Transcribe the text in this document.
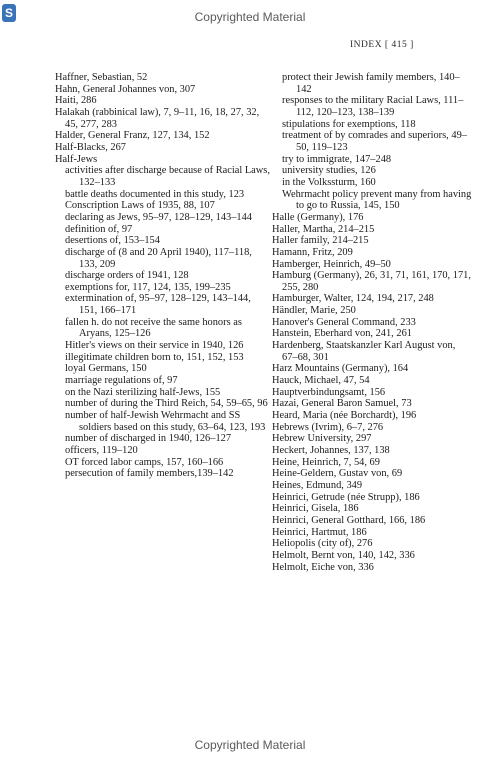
S	Copyrighted Material
INDEX [ 415 ]

Haffner, Sebastian, 52

Hahn, General Johannes von, 307

Haiti, 286

Halakah (rabbinical law), 7, 9–11, 16, 18, 27, 32, 45, 277, 283

Halder, General Franz, 127, 134, 152

Half-Blacks, 267

Half-Jews

activities after discharge because of Racial Laws, 132–133

battle deaths documented in this study, 123

Conscription Laws of 1935, 88, 107

declaring as Jews, 95–97, 128–129, 143–144

definition of, 97

desertions of, 153–154

discharge of (8 and 20 April 1940), 117–118, 133, 209

discharge orders of 1941, 128

exemptions for, 117, 124, 135, 199–235

extermination of, 95–97, 128–129, 143–144, 151, 166–171

fallen h. do not receive the same honors as Aryans, 125–126

Hitler's views on their service in 1940, 126

illegitimate children born to, 151, 152, 153

loyal Germans, 150

marriage regulations of, 97

on the Nazi sterilizing half-Jews, 155

number of during the Third Reich, 54, 59–65, 96

number of half-Jewish Wehrmacht and SS soldiers based on this study, 63–64, 123, 193

number of discharged in 1940, 126–127

officers, 119–120

OT forced labor camps, 157, 160–166

persecution of family members,139–142

protect their Jewish family members, 140–142

responses to the military Racial Laws, 111–112, 120–123, 138–139

stipulations for exemptions, 118

treatment of by comrades and superiors, 49–50, 119–123

try to immigrate, 147–248

university studies, 126

in the Volkssturm, 160

Wehrmacht policy prevent many from having to go to Russia, 145, 150

Halle (Germany), 176

Haller, Martha, 214–215

Haller family, 214–215

Hamann, Fritz, 209

Hamberger, Heinrich, 49–50

Hamburg (Germany), 26, 31, 71, 161, 170, 171, 255, 280

Hamburger, Walter, 124, 194, 217, 248

Händler, Marie, 250

Hanover's General Command, 233

Hanstein, Eberhard von, 241, 261

Hardenberg, Staatskanzler Karl August von, 67–68, 301

Harz Mountains (Germany), 164

Hauck, Michael, 47, 54

Hauptverbindungsamt, 156

Hazai, General Baron Samuel, 73

Heard, Maria (née Borchardt), 196

Hebrews (Ivrim), 6–7, 276

Hebrew University, 297

Heckert, Johannes, 137, 138

Heine, Heinrich, 7, 54, 69

Heine-Geldern, Gustav von, 69

Heines, Edmund, 349

Heinrici, Getrude (née Strupp), 186

Heinrici, Gisela, 186

Heinrici, General Gotthard, 166, 186

Heinrici, Hartmut, 186

Heliopolis (city of), 276

Helmolt, Bernt von, 140, 142, 336

Helmolt, Eiche von, 336

Copyrighted Material
